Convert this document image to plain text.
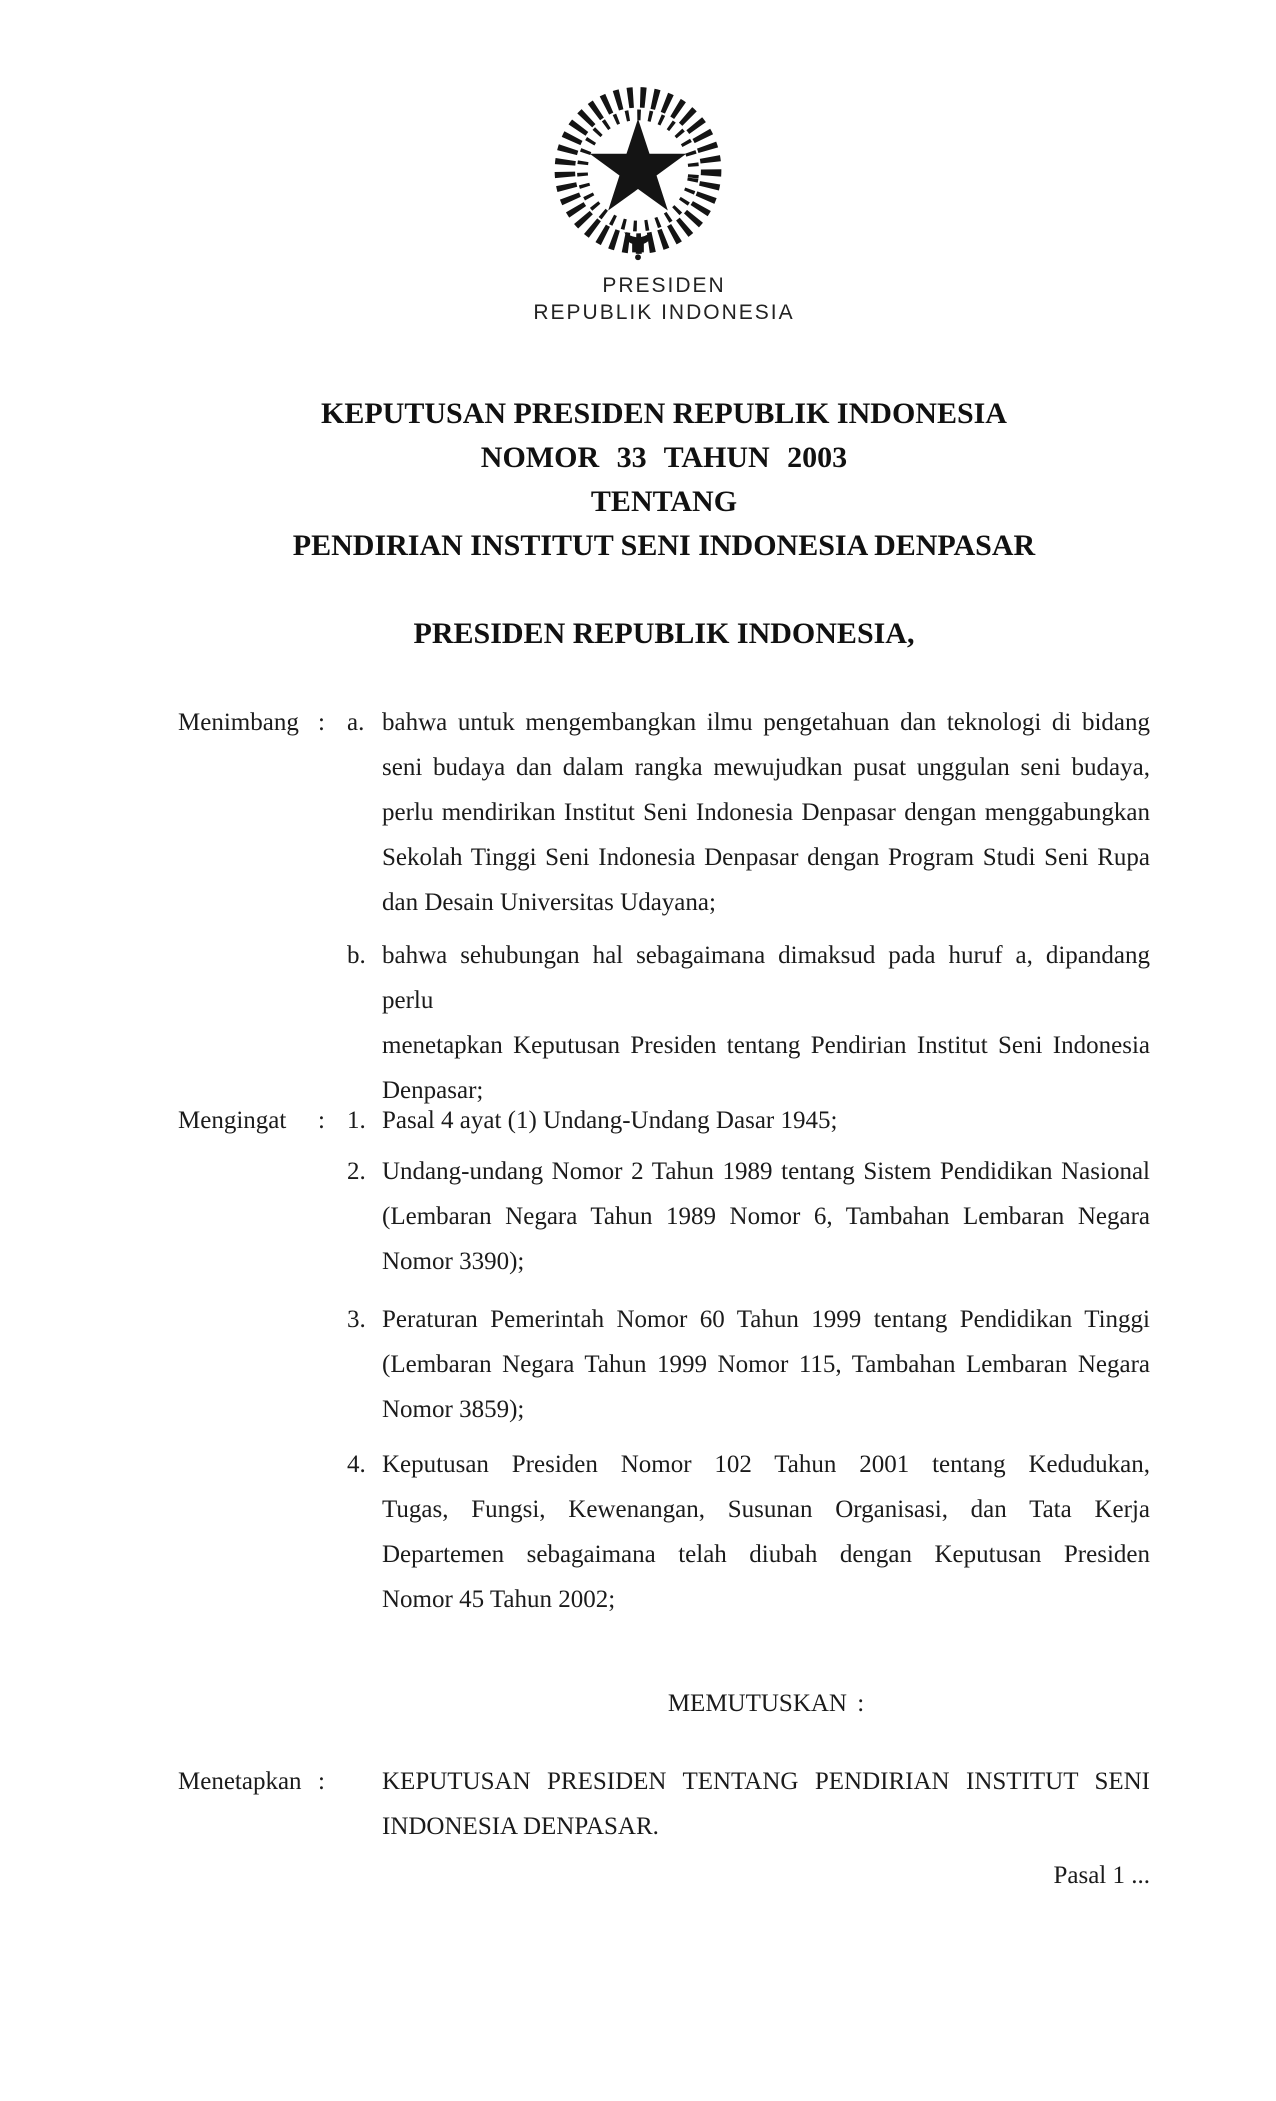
PRESIDEN
REPUBLIK INDONESIA
KEPUTUSAN PRESIDEN REPUBLIK INDONESIA
NOMOR 33 TAHUN 2003
TENTANG
PENDIRIAN INSTITUT SENI INDONESIA DENPASAR
PRESIDEN REPUBLIK INDONESIA,
Menimbang : a. bahwa untuk mengembangkan ilmu pengetahuan dan teknologi di bidang
seni budaya dan dalam rangka mewujudkan pusat unggulan seni budaya,
perlu mendirikan Institut Seni Indonesia Denpasar dengan menggabungkan
Sekolah Tinggi Seni Indonesia Denpasar dengan Program Studi Seni Rupa
dan Desain Universitas Udayana;
b. bahwa sehubungan hal sebagaimana dimaksud pada huruf a, dipandang perlu
menetapkan Keputusan Presiden tentang Pendirian Institut Seni Indonesia
Denpasar;
Mengingat : 1. Pasal 4 ayat (1) Undang-Undang Dasar 1945;
2. Undang-undang Nomor 2 Tahun 1989 tentang Sistem Pendidikan Nasional
(Lembaran Negara Tahun 1989 Nomor 6, Tambahan Lembaran Negara
Nomor 3390);
3. Peraturan Pemerintah Nomor 60 Tahun 1999 tentang Pendidikan Tinggi
(Lembaran Negara Tahun 1999 Nomor 115, Tambahan Lembaran Negara
Nomor 3859);
4. Keputusan Presiden Nomor 102 Tahun 2001 tentang Kedudukan,
Tugas, Fungsi, Kewenangan, Susunan Organisasi, dan Tata Kerja
Departemen sebagaimana telah diubah dengan Keputusan Presiden
Nomor 45 Tahun 2002;
MEMUTUSKAN :
Menetapkan : KEPUTUSAN PRESIDEN TENTANG PENDIRIAN INSTITUT SENI
INDONESIA DENPASAR.
Pasal 1 ...
